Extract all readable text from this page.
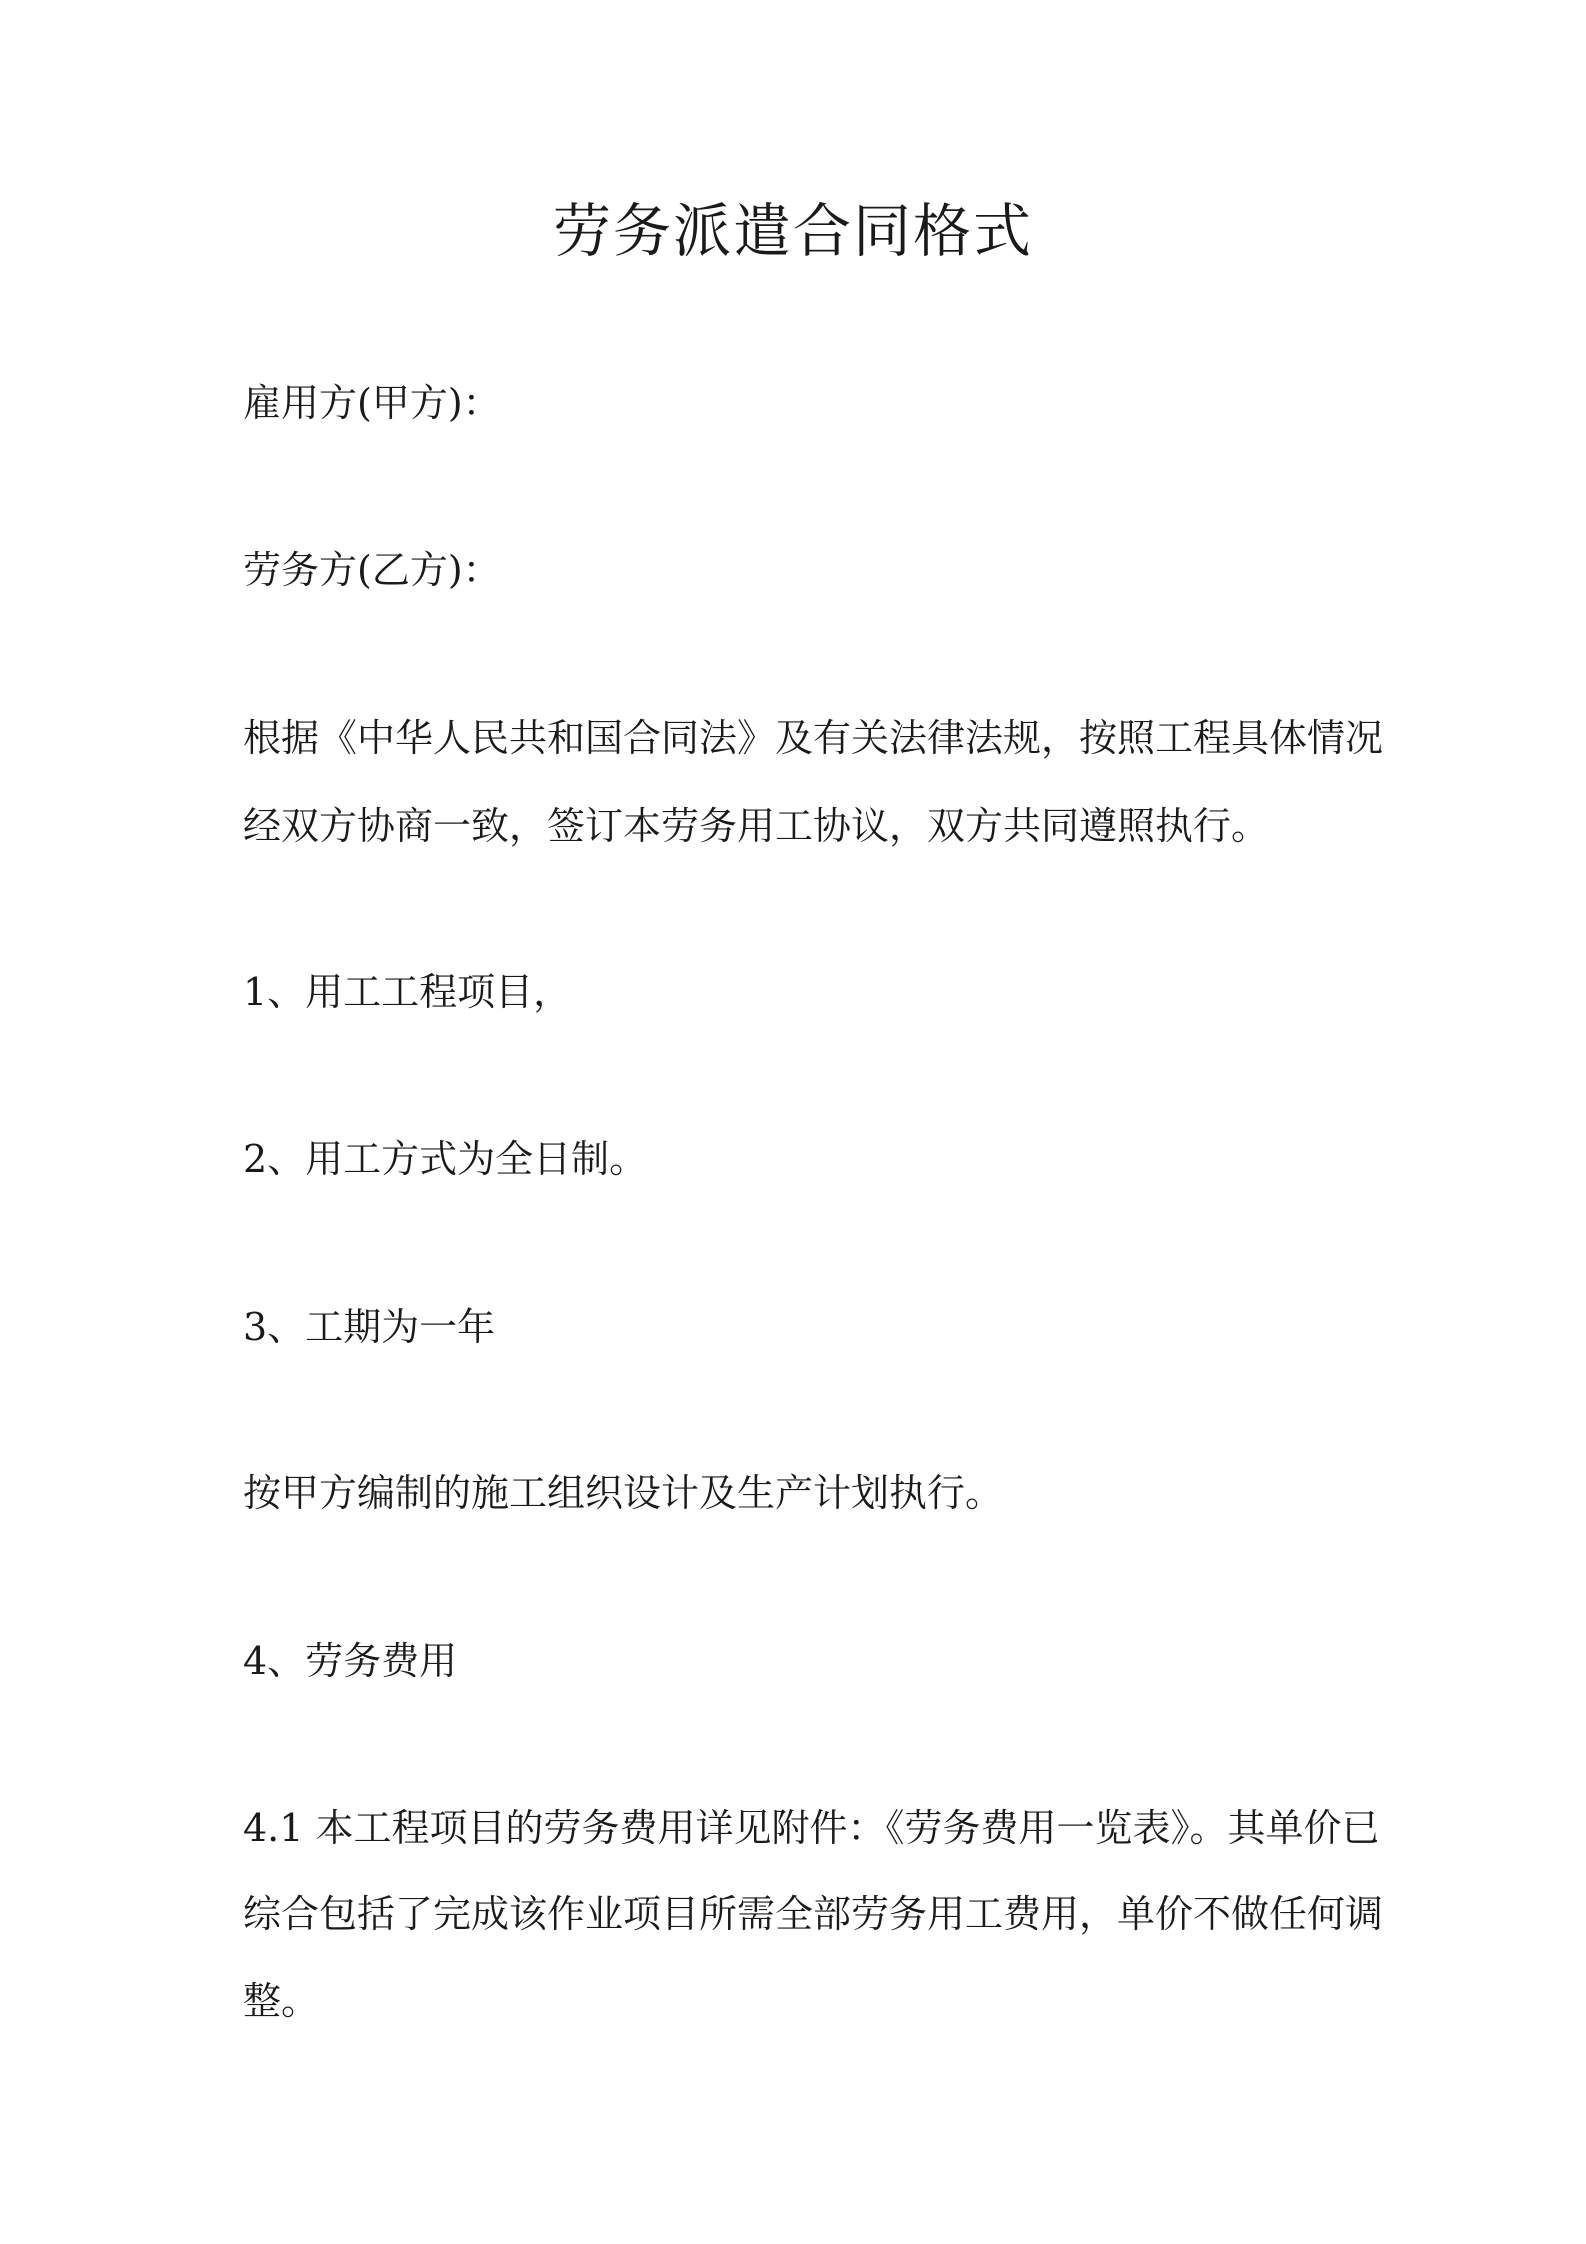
劳务派遣合同格式

雇用方(甲方)：

劳务方(乙方)：

根据《中华人民共和国合同法》及有关法律法规，按照工程具体情况

经双方协商一致，签订本劳务用工协议，双方共同遵照执行。

1、用工工程项目，

2、用工方式为全日制。

3、工期为一年

按甲方编制的施工组织设计及生产计划执行。

4、劳务费用

4.1 本工程项目的劳务费用详见附件：《劳务费用一览表》。其单价已

综合包括了完成该作业项目所需全部劳务用工费用，单价不做任何调

整。
